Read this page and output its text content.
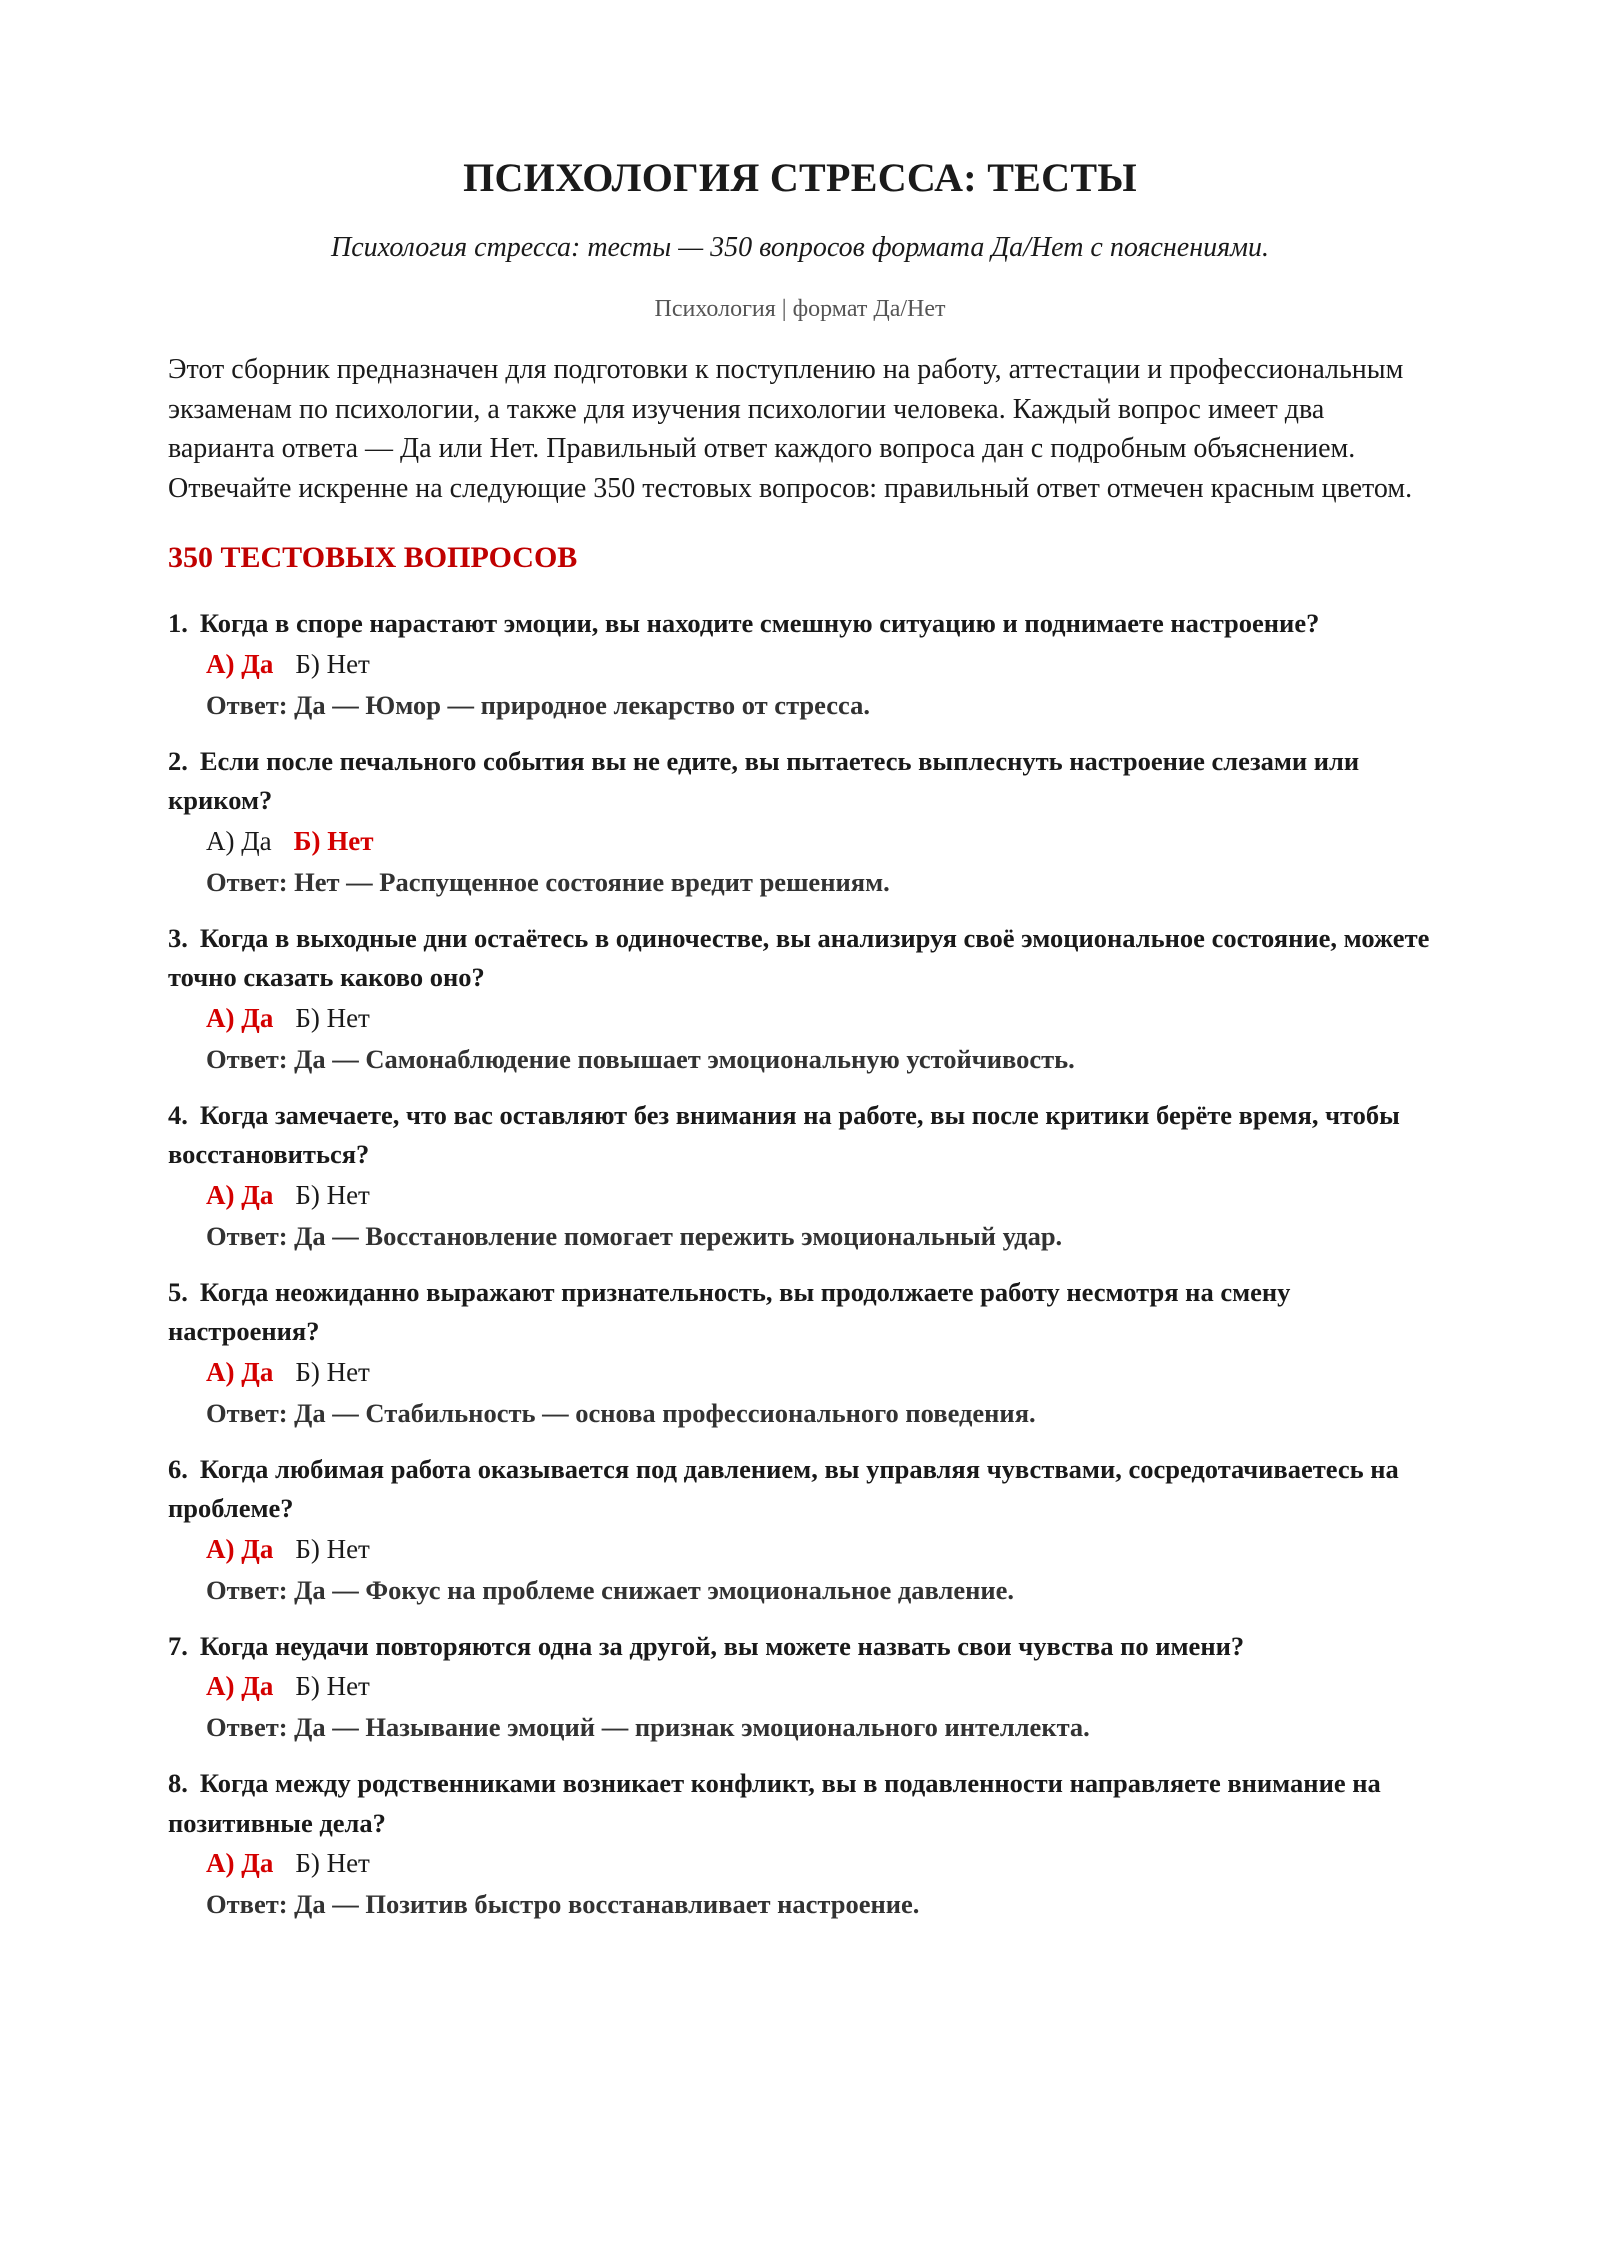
ПСИХОЛОГИЯ СТРЕССА: ТЕСТЫ

Психология стресса: тесты — 350 вопросов формата Да/Нет с пояснениями.

Психология | формат Да/Нет

Этот сборник предназначен для подготовки к поступлению на работу, аттестации и профессиональным экзаменам по психологии, а также для изучения психологии человека. Каждый вопрос имеет два варианта ответа — Да или Нет. Правильный ответ каждого вопроса дан с подробным объяснением. Отвечайте искренне на следующие 350 тестовых вопросов: правильный ответ отмечен красным цветом.

350 ТЕСТОВЫХ ВОПРОСОВ

1. Когда в споре нарастают эмоции, вы находите смешную ситуацию и поднимаете настроение?

А) Да Б) Нет
Ответ: Да — Юмор — природное лекарство от стресса.

2. Если после печального события вы не едите, вы пытаетесь выплеснуть настроение слезами или криком?

А) Да Б) Нет
Ответ: Нет — Распущенное состояние вредит решениям.

3. Когда в выходные дни остаётесь в одиночестве, вы анализируя своё эмоциональное состояние, можете точно сказать каково оно?

А) Да Б) Нет
Ответ: Да — Самонаблюдение повышает эмоциональную устойчивость.

4. Когда замечаете, что вас оставляют без внимания на работе, вы после критики берёте время, чтобы восстановиться?

А) Да Б) Нет
Ответ: Да — Восстановление помогает пережить эмоциональный удар.

5. Когда неожиданно выражают признательность, вы продолжаете работу несмотря на смену настроения?

А) Да Б) Нет
Ответ: Да — Стабильность — основа профессионального поведения.

6. Когда любимая работа оказывается под давлением, вы управляя чувствами, сосредотачиваетесь на проблеме?

А) Да Б) Нет
Ответ: Да — Фокус на проблеме снижает эмоциональное давление.

7. Когда неудачи повторяются одна за другой, вы можете назвать свои чувства по имени?

А) Да Б) Нет
Ответ: Да — Называние эмоций — признак эмоционального интеллекта.

8. Когда между родственниками возникает конфликт, вы в подавленности направляете внимание на позитивные дела?

А) Да Б) Нет
Ответ: Да — Позитив быстро восстанавливает настроение.
